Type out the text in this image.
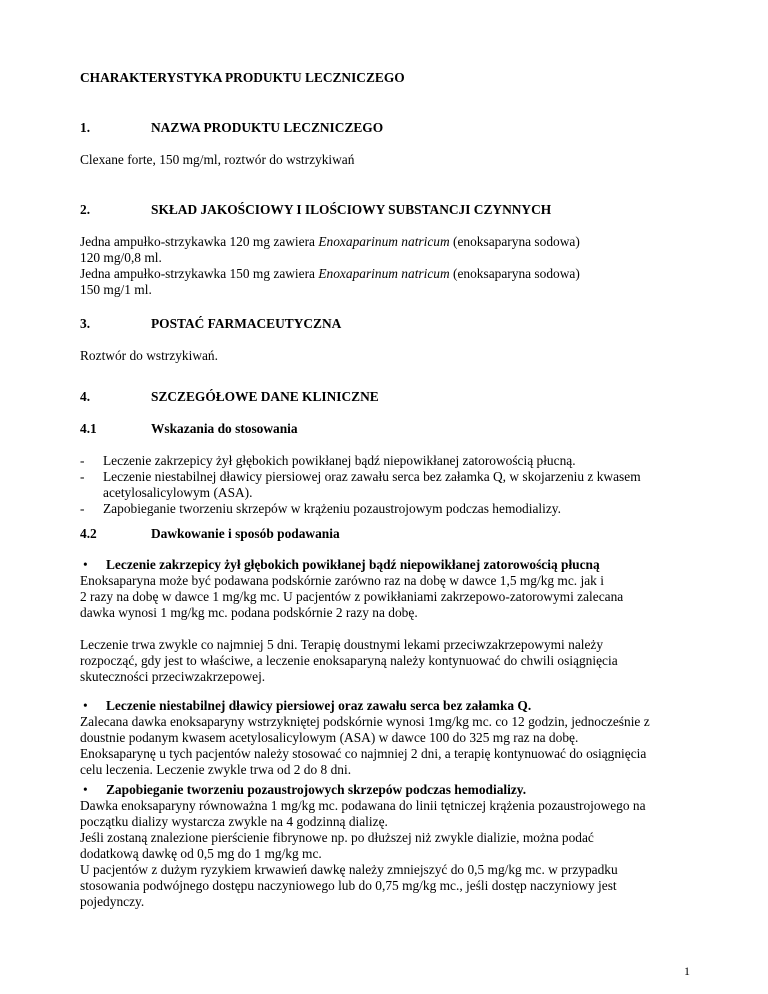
CHARAKTERYSTYKA PRODUKTU LECZNICZEGO
1.	NAZWA PRODUKTU LECZNICZEGO
Clexane forte, 150 mg/ml, roztwór do wstrzykiwań
2.	SKŁAD JAKOŚCIOWY I ILOŚCIOWY SUBSTANCJI CZYNNYCH
Jedna ampułko-strzykawka 120 mg zawiera Enoxaparinum natricum (enoksaparyna sodowa)
120 mg/0,8 ml.
Jedna ampułko-strzykawka 150 mg zawiera Enoxaparinum natricum (enoksaparyna sodowa)
150 mg/1 ml.
3.	POSTAĆ FARMACEUTYCZNA
Roztwór do wstrzykiwań.
4.	SZCZEGÓŁOWE DANE KLINICZNE
4.1	Wskazania do stosowania
-	Leczenie zakrzepicy żył głębokich powikłanej bądź niepowikłanej zatorowością płucną.
-	Leczenie niestabilnej dławicy piersiowej oraz zawału serca bez załamka Q, w skojarzeniu z kwasem
acetylosalicylowym (ASA).
-	Zapobieganie tworzeniu skrzepów w krążeniu pozaustrojowym podczas hemodializy.
4.2	Dawkowanie i sposób podawania
• Leczenie zakrzepicy żył głębokich powikłanej bądź niepowikłanej zatorowością płucną
Enoksaparyna może być podawana podskórnie zarówno raz na dobę w dawce 1,5 mg/kg mc. jak i
2 razy na dobę w dawce 1 mg/kg mc. U pacjentów z powikłaniami zakrzepowo-zatorowymi zalecana
dawka wynosi 1 mg/kg mc. podana podskórnie 2 razy na dobę.
Leczenie trwa zwykle co najmniej 5 dni. Terapię doustnymi lekami przeciwzakrzepowymi należy
rozpocząć, gdy jest to właściwe, a leczenie enoksaparyną należy kontynuować do chwili osiągnięcia
skuteczności przeciwzakrzepowej.
• Leczenie niestabilnej dławicy piersiowej oraz zawału serca bez załamka Q.
Zalecana dawka enoksaparyny wstrzykniętej podskórnie wynosi 1mg/kg mc. co 12 godzin, jednocześnie z
doustnie podanym kwasem acetylosalicylowym (ASA) w dawce 100 do 325 mg raz na dobę.
Enoksaparynę u tych pacjentów należy stosować co najmniej 2 dni, a terapię kontynuować do osiągnięcia
celu leczenia. Leczenie zwykle trwa od 2 do 8 dni.
• Zapobieganie tworzeniu pozaustrojowych skrzepów podczas hemodializy.
Dawka enoksaparyny równoważna 1 mg/kg mc. podawana do linii tętniczej krążenia pozaustrojowego na
początku dializy wystarcza zwykle na 4 godzinną dializę.
Jeśli zostaną znalezione pierścienie fibrynowe np. po dłuższej niż zwykle dializie, można podać
dodatkową dawkę od 0,5 mg do 1 mg/kg mc.
U pacjentów z dużym ryzykiem krwawień dawkę należy zmniejszyć do 0,5 mg/kg mc. w przypadku
stosowania podwójnego dostępu naczyniowego lub do 0,75 mg/kg mc., jeśli dostęp naczyniowy jest
pojedynczy.
1
